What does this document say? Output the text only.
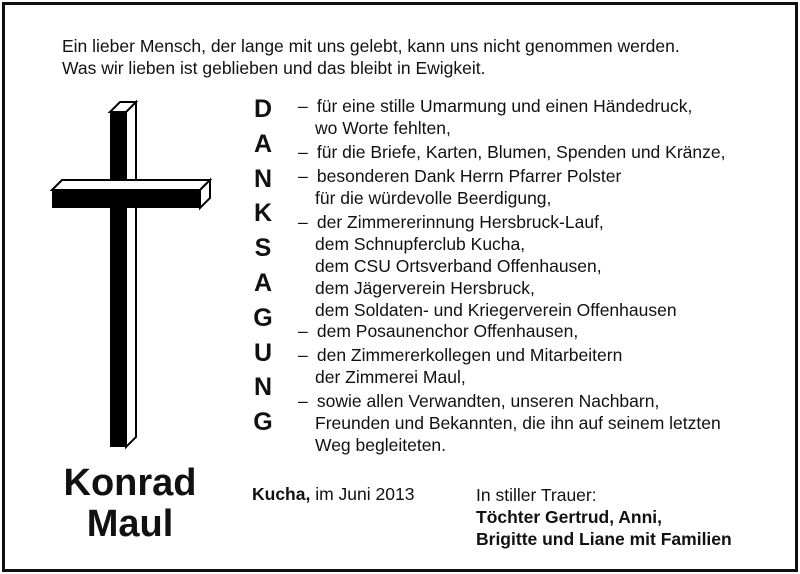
Ein lieber Mensch, der lange mit uns gelebt, kann uns nicht genommen werden.
Was wir lieben ist geblieben und das bleibt in Ewigkeit.
D
A
N
K
S
A
G
U
N
G
– für eine stille Umarmung und einen Händedruck,
wo Worte fehlten,
– für die Briefe, Karten, Blumen, Spenden und Kränze,
– besonderen Dank Herrn Pfarrer Polster
für die würdevolle Beerdigung,
– der Zimmererinnung Hersbruck-Lauf,
dem Schnupferclub Kucha,
dem CSU Ortsverband Offenhausen,
dem Jägerverein Hersbruck,
dem Soldaten- und Kriegerverein Offenhausen
– dem Posaunenchor Offenhausen,
– den Zimmererkollegen und Mitarbeitern
der Zimmerei Maul,
– sowie allen Verwandten, unseren Nachbarn,
Freunden und Bekannten, die ihn auf seinem letzten
Weg begleiteten.
Konrad
Maul
Kucha, im Juni 2013	In stiller Trauer:
Töchter Gertrud, Anni,
Brigitte und Liane mit Familien
